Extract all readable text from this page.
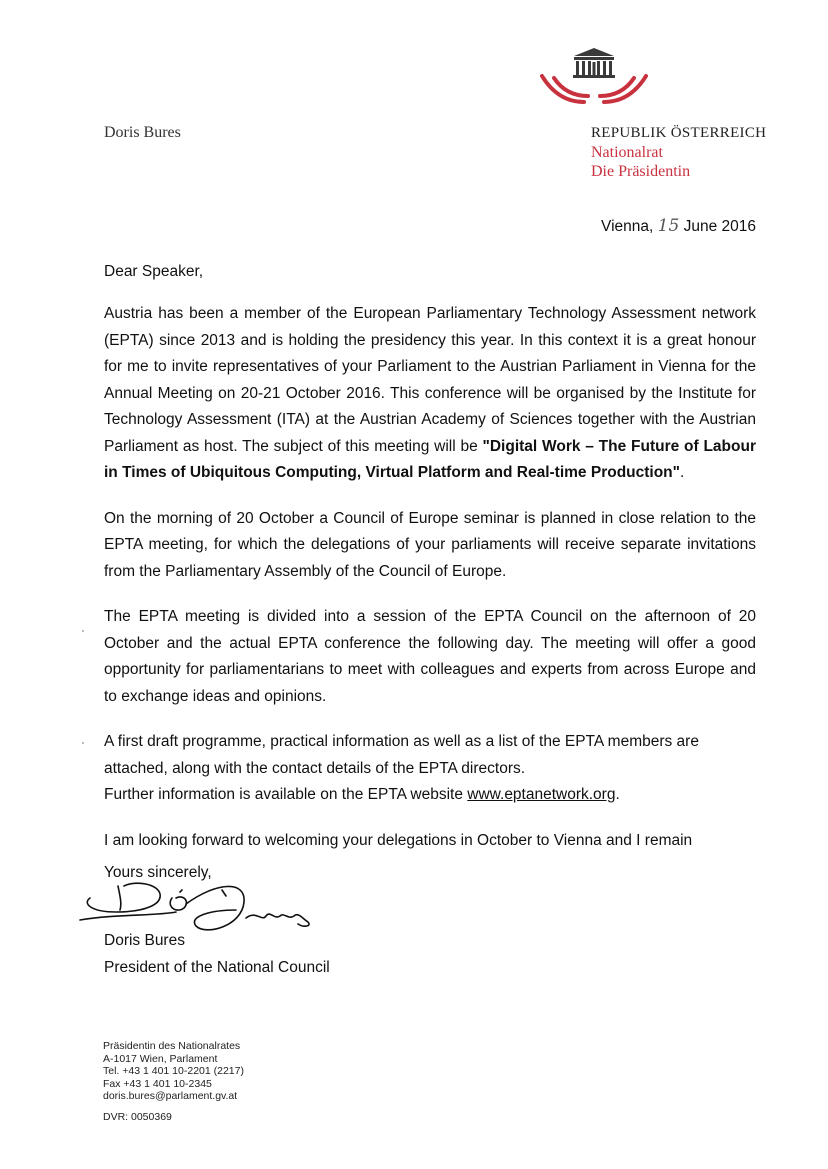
Doris Bures	REPUBLIK ÖSTERREICH
Nationalrat
Die Präsidentin
Vienna, 15 June 2016
Dear Speaker,

Austria has been a member of the European Parliamentary Technology Assessment network (EPTA) since 2013 and is holding the presidency this year. In this context it is a great honour for me to invite representatives of your Parliament to the Austrian Parliament in Vienna for the Annual Meeting on 20-21 October 2016. This conference will be organised by the Institute for Technology Assessment (ITA) at the Austrian Academy of Sciences together with the Austrian Parliament as host. The subject of this meeting will be "Digital Work – The Future of Labour in Times of Ubiquitous Computing, Virtual Platform and Real-time Production".

On the morning of 20 October a Council of Europe seminar is planned in close relation to the EPTA meeting, for which the delegations of your parliaments will receive separate invitations from the Parliamentary Assembly of the Council of Europe.

The EPTA meeting is divided into a session of the EPTA Council on the afternoon of 20 October and the actual EPTA conference the following day. The meeting will offer a good opportunity for parliamentarians to meet with colleagues and experts from across Europe and to exchange ideas and opinions.

A first draft programme, practical information as well as a list of the EPTA members are attached, along with the contact details of the EPTA directors.
Further information is available on the EPTA website www.eptanetwork.org.

I am looking forward to welcoming your delegations in October to Vienna and I remain

Yours sincerely,
Doris Bures
President of the National Council
Präsidentin des Nationalrates
A-1017 Wien, Parlament
Tel. +43 1 401 10-2201 (2217)
Fax +43 1 401 10-2345
doris.bures@parlament.gv.at
DVR: 0050369
